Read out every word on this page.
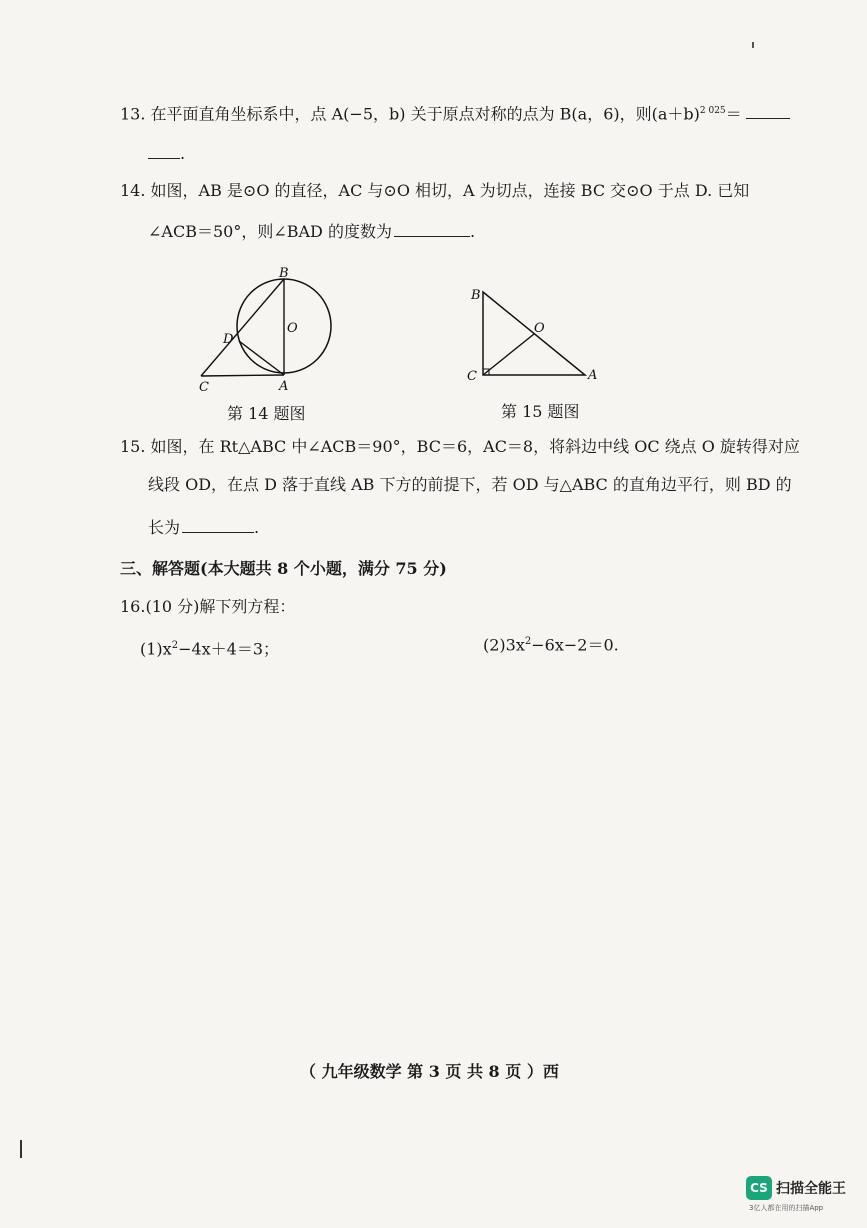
13. 在平面直角坐标系中，点 A(−5，b) 关于原点对称的点为 B(a，6)，则$(a+b)^{2 025}=$
.
14. 如图，AB 是⊙O 的直径，AC 与⊙O 相切，A 为切点，连接 BC 交⊙O 于点 D. 已知
∠ACB＝50°，则∠BAD 的度数为	.
B
O
D
C	A
第 14 题图
B
O
C	A
第 15 题图
15. 如图，在 Rt△ABC 中∠ACB＝90°，BC＝6，AC＝8，将斜边中线 OC 绕点 O 旋转得对应
线段 OD，在点 D 落于直线 AB 下方的前提下，若 OD 与△ABC 的直角边平行，则 BD 的
长为	.
三、解答题(本大题共 8 个小题，满分 75 分)
16.(10 分)解下列方程：
$(1)x^2-4x+4=3$；	$(2)3x^2-6x-2=0$.
（ 九年级数学 第 3 页 共 8 页 ）西
CS 扫描全能王
3亿人都在用的扫描App
